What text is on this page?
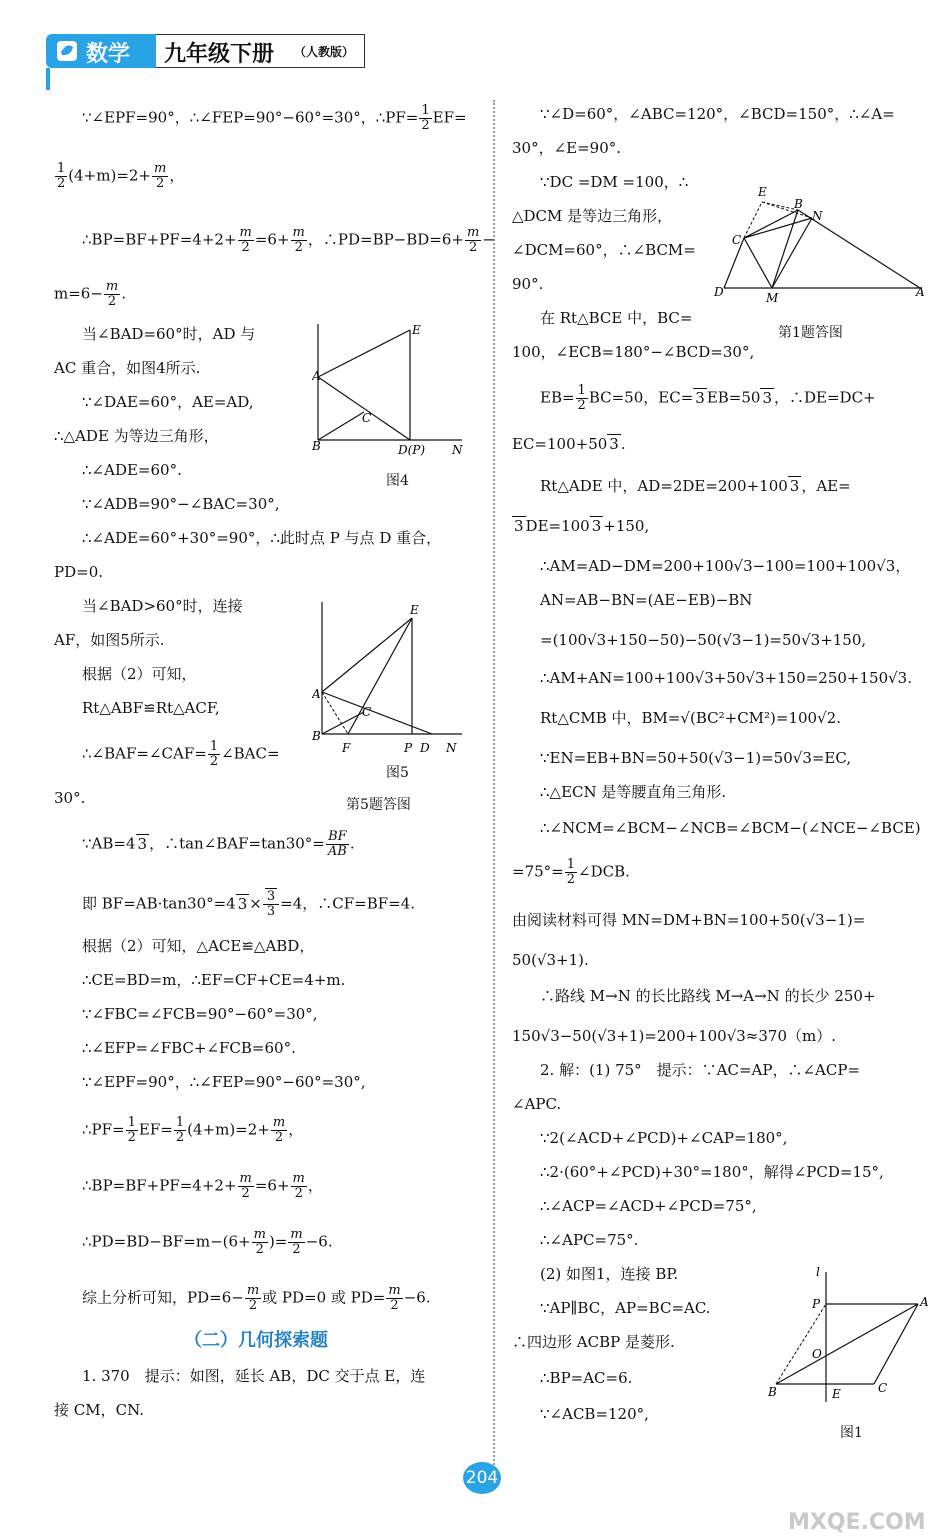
数学 九年级下册 （人教版）
∵∠EPF=90°，∴∠FEP=90°−60°=30°，∴PF= $\frac{1}{2} EF=$
$\frac{1}{2} (4+m)=2+ \frac{m}{2}$ ，
∴BP=BF+PF=4+2+ $\frac{m}{2} =6+ \frac{m}{2}$ ，∴PD=BP−BD=6+ $\frac{m}{2}$ −
$m=6- \frac{m}{2}$ .
当∠BAD=60°时，AD 与
AC 重合，如图4所示.
∵∠DAE=60°，AE=AD,
∴△ADE 为等边三角形，
∴∠ADE=60°.
∵∠ADB=90°−∠BAC=30°,
∴∠ADE=60°+30°=90°，∴此时点 P 与点 D 重合，
PD=0.
当∠BAD>60°时，连接
AF，如图5所示.
根据（2）可知，
Rt△ABF≌Rt△ACF,
∴∠BAF=∠CAF= $\frac{1}{2}$ ∠BAC=
30°.
∵AB=4 3 ，∴tan∠BAF=tan30°= $\frac{BF}{AB}$ .
即 BF=AB·tan30°=4 $3 \times \frac{3}{3} =4$，∴CF=BF=4.
根据（2）可知，△ACE≌△ABD，
∴CE=BD=m，∴EF=CF+CE=4+m.
∵∠FBC=∠FCB=90°−60°=30°,
∴∠EFP=∠FBC+∠FCB=60°.
∵∠EPF=90°，∴∠FEP=90°−60°=30°,
∴PF= $\frac{1}{2} EF= \frac{1}{2} (4+m)=2+ \frac{m}{2}$ ，
∴BP=BF+PF=4+2+ $\frac{m}{2} =6+ \frac{m}{2}$ ，
∴PD=BD−BF=m−(6+ $\frac{m}{2}$ )= $\frac{m}{2} -6$.
综上分析可知，$PD=6- \frac{m}{2}$ 或 PD=0 或 $PD= \frac{m}{2} -6$.
（二）几何探索题
1. 370　提示：如图，延长 AB，DC 交于点 E，连
接 CM，CN.
A
B
C
D(P) N
E
图4
A
B
C
F	P D N
E
图5
第5题答图
∵∠D=60°，∠ABC=120°，∠BCD=150°，∴∠A=
30°，∠E=90°.
∵DC =DM =100，∴
△DCM 是等边三角形，
∠DCM=60°，∴∠BCM=
90°.
在 Rt△BCE 中，BC=
100，∠ECB=180°−∠BCD=30°,
$EB= \frac{1}{2} BC=50$，EC= 3 EB=50 3 ，∴DE=DC+
EC=100+50 3 .
Rt△ADE 中，AD=2DE=200+100 3 ，AE=
3 DE=100 3 +150,
∴AM=AD−DM=200+100√3−100=100+100√3，
AN=AB−BN=(AE−EB)−BN
=(100√3+150−50)−50(√3−1)=50√3+150,
∴AM+AN=100+100√3+50√3+150=250+150√3.
Rt△CMB 中，BM=√(BC²+CM²)=100√2.
∵EN=EB+BN=50+50(√3−1)=50√3=EC,
∴△ECN 是等腰直角三角形.
∴∠NCM=∠BCM−∠NCB=∠BCM−(∠NCE−∠BCE)
$=75^\circ= \frac{1}{2}$ ∠DCB.
由阅读材料可得 MN=DM+BN=100+50(√3−1)=
50(√3+1).
∴路线 M→N 的长比路线 M→A→N 的长少 250+
150√3−50(√3+1)=200+100√3≈370（m）.
2. 解：(1) 75°　提示：∵AC=AP，∴∠ACP=
∠APC.
∵2(∠ACD+∠PCD)+∠CAP=180°,
∴2·(60°+∠PCD)+30°=180°，解得∠PCD=15°,
∴∠ACP=∠ACD+∠PCD=75°,
∴∠APC=75°.
(2) 如图1，连接 BP.
∵AP∥BC，AP=BC=AC.
∴四边形 ACBP 是菱形.
∴BP=AC=6.
∵∠ACB=120°,
E
B
N
C
D	M	A
第1题答图
l
P	A
O
B	E	C
图1
204
MXQE.COM
